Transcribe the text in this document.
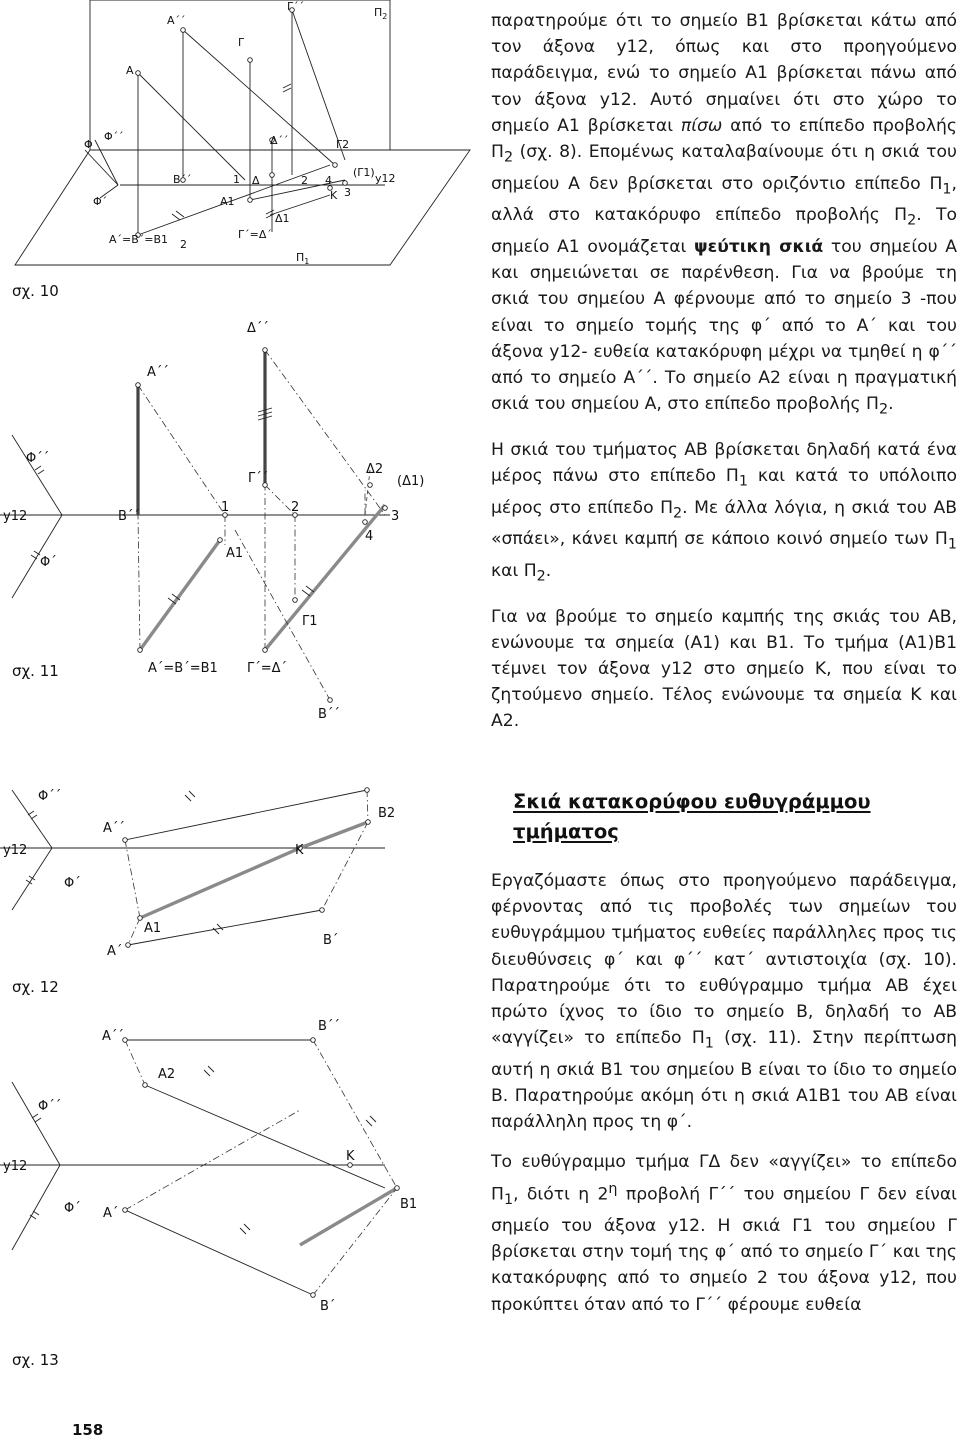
$\Pi_2$
Γ΄΄
Α΄΄
Γ
Α
Δ΄΄
Φ
Φ΄΄
Φ΄
Β΄΄	1 Δ	2 4
Γ2
(Γ1) y12
Κ 3
Α1
Δ1
Α΄=Β΄=Β1 2
Γ΄=Δ΄
$\Pi_1$
Δ΄΄
Α΄΄
Φ΄΄
y12	Β΄΄
Γ΄΄
1	2
Δ2
(Δ1)
3
4
Φ΄
Α1
Γ1
Α΄=Β΄=Β1 Γ΄=Δ΄
Β΄΄
Φ΄΄
Β2
Α΄΄
y12	Κ
Φ΄
Α1
Β΄
Α΄
Β΄΄
Α΄΄
Α2
Φ΄΄
y12
Κ
Β1
Φ΄ Α΄
Β΄
σχ. 10
σχ. 11
σχ. 12
σχ. 13

παρατηρούμε ότι το σημείο Β1 βρίσκεται κάτω από τον άξονα y12, όπως και στο προηγούμενο παράδειγμα, ενώ το σημείο Α1 βρίσκεται πάνω από τον άξονα y12. Αυτό σημαίνει ότι στο χώρο το σημείο Α1 βρίσκεται πίσω από το επίπεδο προβολής $\Pi_2$ (σχ. 8). Επομένως καταλαβαίνουμε ότι η σκιά του σημείου Α δεν βρίσκεται στο οριζόντιο επίπεδο $\Pi_1$, αλλά στο κατακόρυφο επίπεδο προβολής $\Pi_2$. Το σημείο Α1 ονομάζεται ψεύτικη σκιά του σημείου Α και σημειώνεται σε παρένθεση. Για να βρούμε τη σκιά του σημείου Α φέρνουμε από το σημείο 3 -που είναι το σημείο τομής της φ΄ από το Α΄ και του άξονα y12- ευθεία κατακόρυφη μέχρι να τμηθεί η φ΄΄ από το σημείο Α΄΄. Το σημείο Α2 είναι η πραγματική σκιά του σημείου Α, στο επίπεδο προβολής $\Pi_2$.

Η σκιά του τμήματος ΑΒ βρίσκεται δηλαδή κατά ένα μέρος πάνω στο επίπεδο $\Pi_1$ και κατά το υπόλοιπο μέρος στο επίπεδο $\Pi_2$. Με άλλα λόγια, η σκιά του ΑΒ «σπάει», κάνει καμπή σε κάποιο κοινό σημείο των $\Pi_1$ και $\Pi_2$.

Για να βρούμε το σημείο καμπής της σκιάς του ΑΒ, ενώνουμε τα σημεία (Α1) και Β1. Το τμήμα (Α1)Β1 τέμνει τον άξονα y12 στο σημείο Κ, που είναι το ζητούμενο σημείο. Τέλος ενώνουμε τα σημεία Κ και Α2.

Σκιά κατακορύφου ευθυγράμμου τμήματος

Εργαζόμαστε όπως στο προηγούμενο παράδειγμα, φέρνοντας από τις προβολές των σημείων του ευθυγράμμου τμήματος ευθείες παράλληλες προς τις διευθύνσεις φ΄ και φ΄΄ κατ΄ αντιστοιχία (σχ. 10). Παρατηρούμε ότι το ευθύγραμμο τμήμα ΑΒ έχει πρώτο ίχνος το ίδιο το σημείο Β, δηλαδή το ΑΒ «αγγίζει» το επίπεδο $\Pi_1$ (σχ. 11). Στην περίπτωση αυτή η σκιά Β1 του σημείου Β είναι το ίδιο το σημείο Β. Παρατηρούμε ακόμη ότι η σκιά Α1Β1 του ΑΒ είναι παράλληλη προς τη φ΄.

Το ευθύγραμμο τμήμα ΓΔ δεν «αγγίζει» το επίπεδο $\Pi_1$, διότι η $2^\eta$ προβολή Γ΄΄ του σημείου Γ δεν είναι σημείο του άξονα y12. Η σκιά Γ1 του σημείου Γ βρίσκεται στην τομή της φ΄ από το σημείο Γ΄ και της κατακόρυφης από το σημείο 2 του άξονα y12, που προκύπτει όταν από το Γ΄΄ φέρουμε ευθεία

158
